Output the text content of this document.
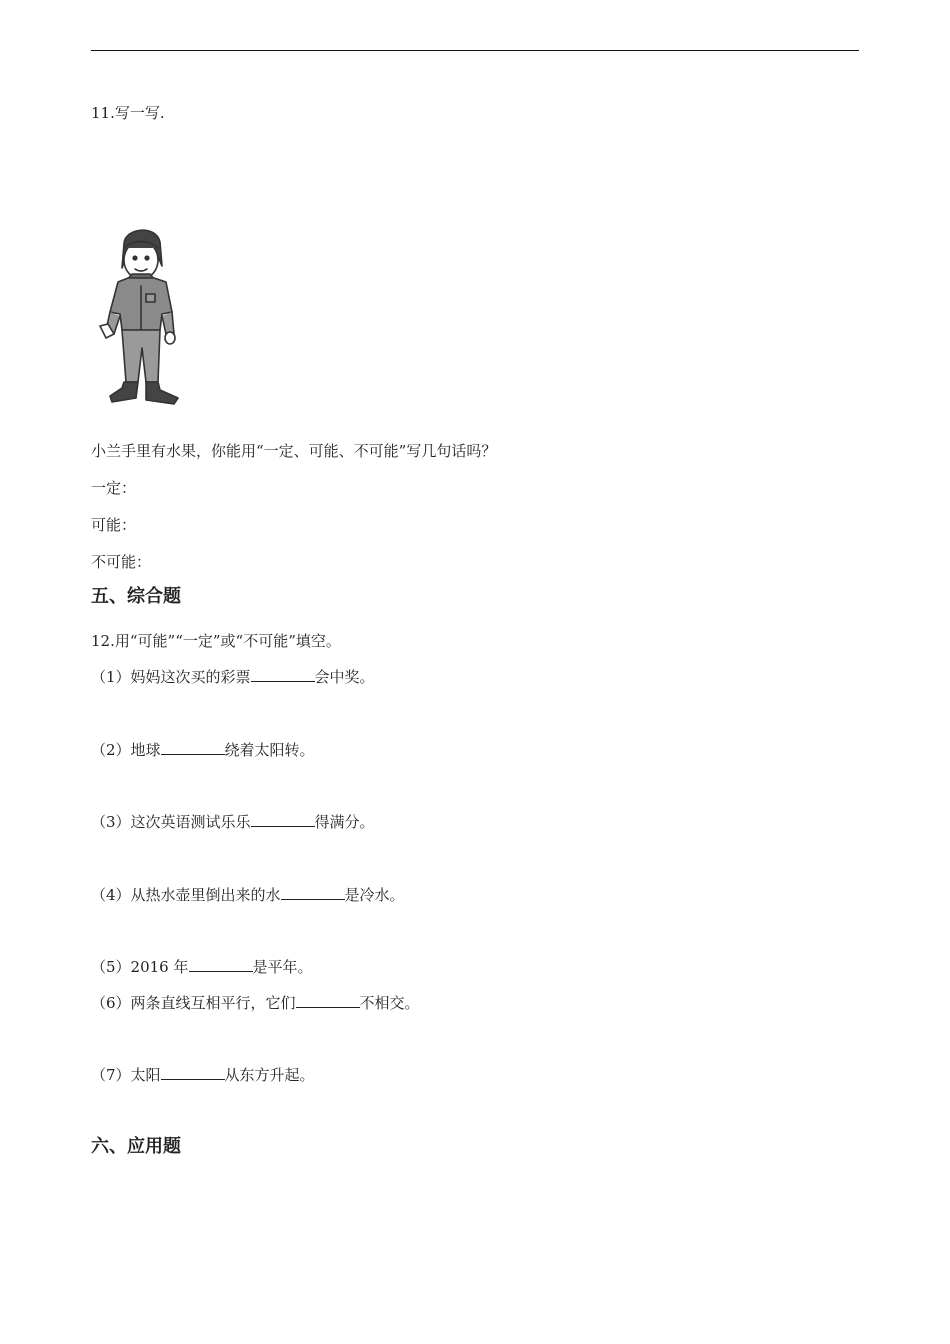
11.写一写.
小兰手里有水果，你能用“一定、可能、不可能”写几句话吗？
一定：
可能：
不可能：
五、综合题
12.用“可能”“一定”或“不可能”填空。
（1）妈妈这次买的彩票	会中奖。
（2）地球	绕着太阳转。
（3）这次英语测试乐乐	得满分。
（4）从热水壶里倒出来的水	是冷水。
（5）2016 年	是平年。
（6）两条直线互相平行，它们	不相交。
（7）太阳	从东方升起。
六、应用题
